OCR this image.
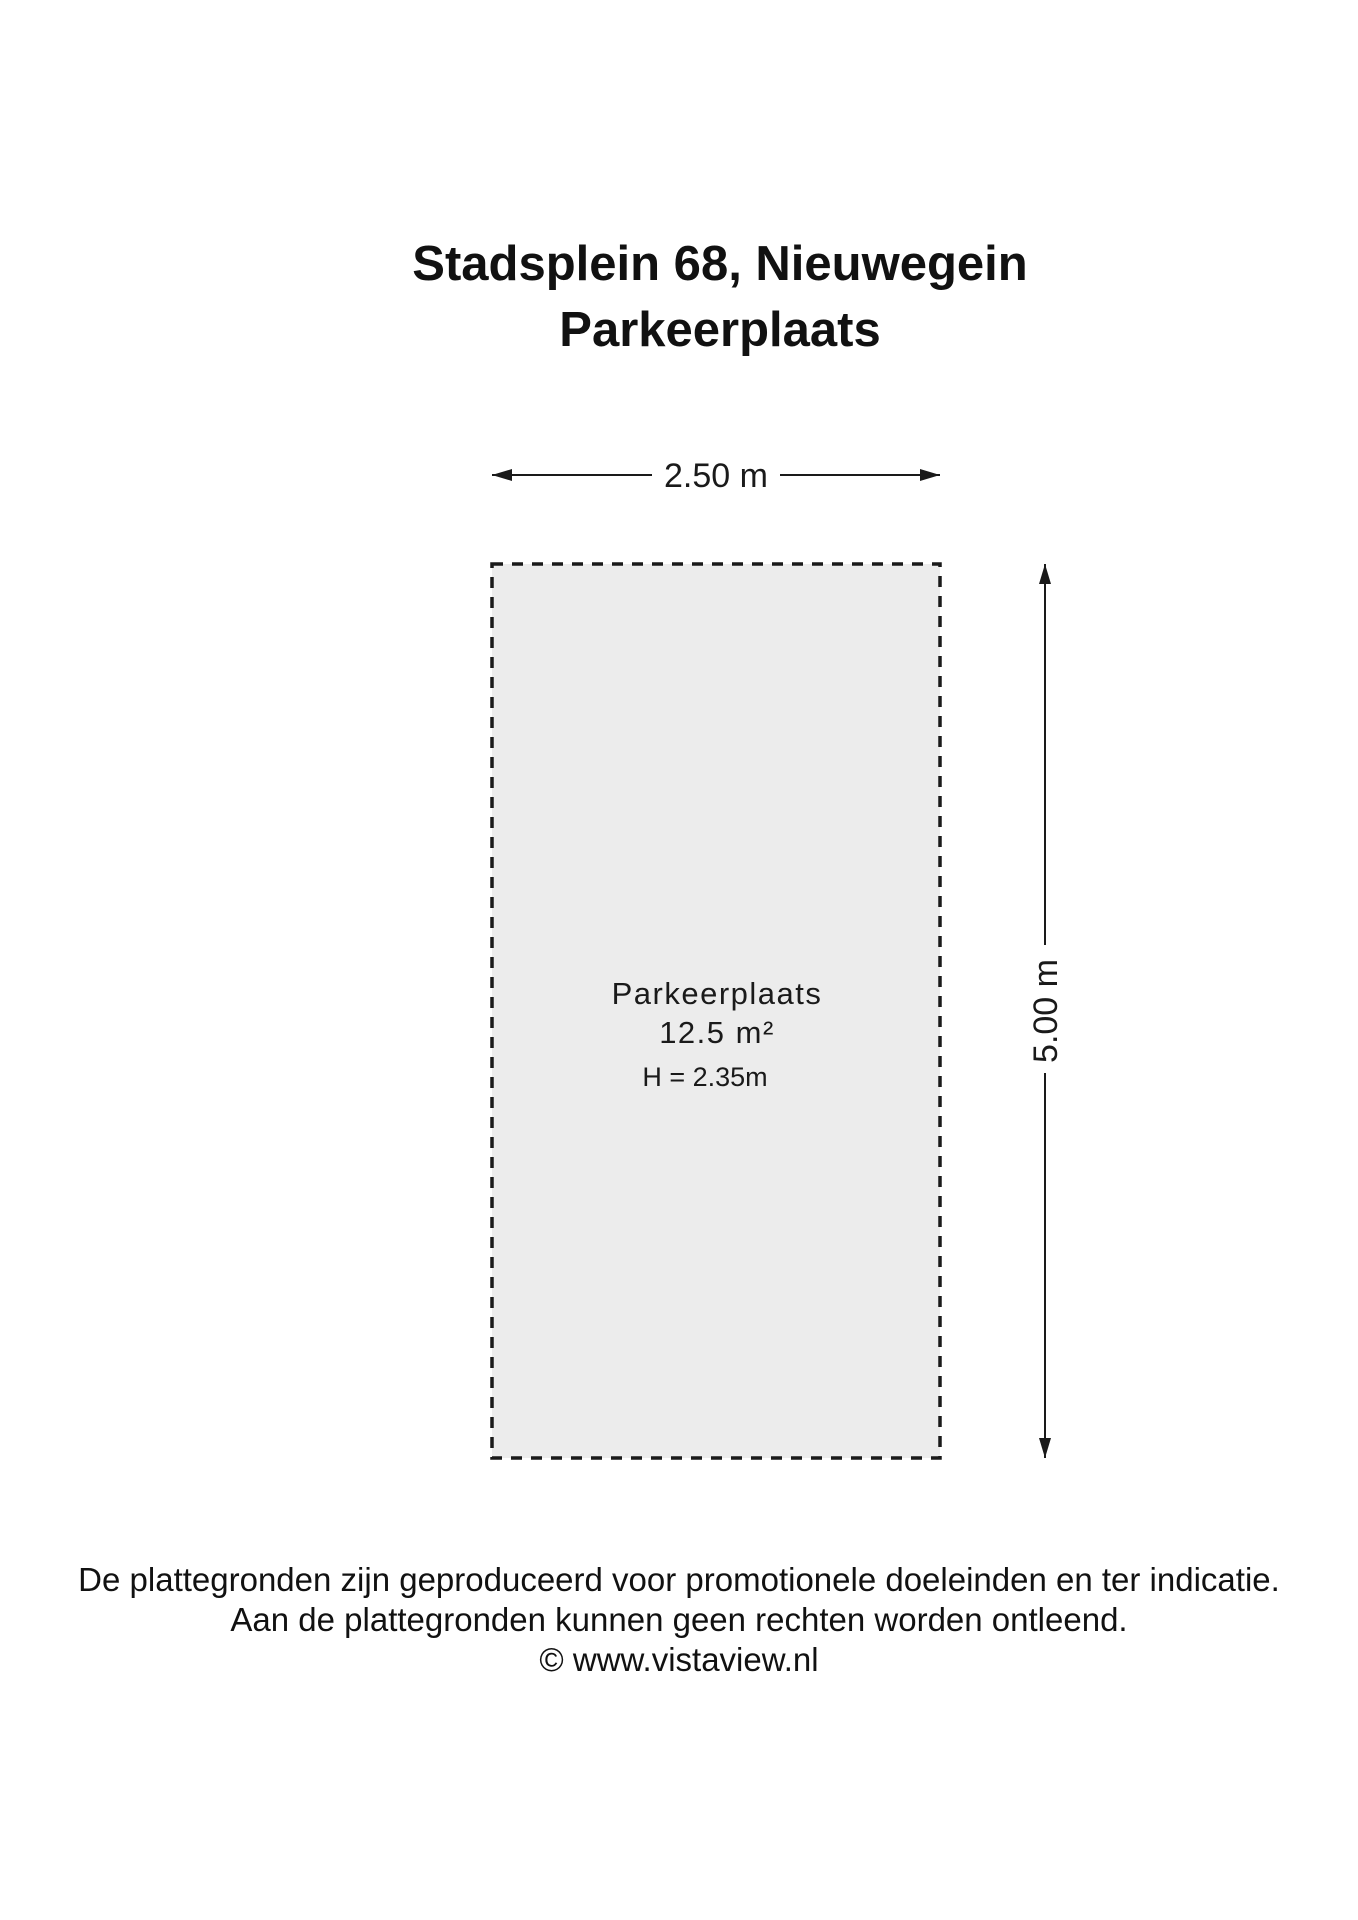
Stadsplein 68, Nieuwegein
Parkeerplaats
2.50 m
5.00 m
Parkeerplaats
12.5 m²
H = 2.35m
De plattegronden zijn geproduceerd voor promotionele doeleinden en ter indicatie.
Aan de plattegronden kunnen geen rechten worden ontleend.
© www.vistaview.nl
